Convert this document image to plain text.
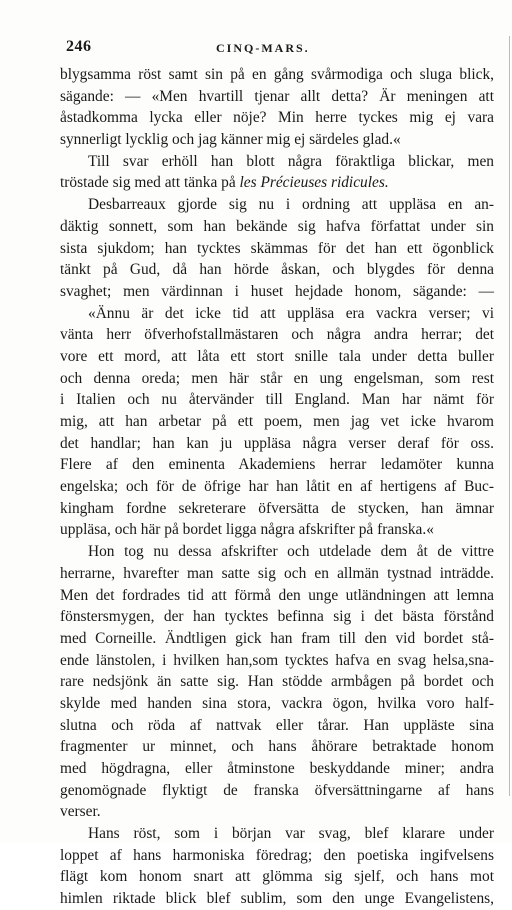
246	CINQ-MARS.
blygsamma röst samt sin på en gång svårmodiga och sluga blick,
sägande: — «Men hvartill tjenar allt detta? Är meningen att
åstadkomma lycka eller nöje? Min herre tyckes mig ej vara
synnerligt lycklig och jag känner mig ej särdeles glad.«
Till svar erhöll han blott några föraktliga blickar, men
tröstade sig med att tänka på les Précieuses ridicules.
Desbarreaux gjorde sig nu i ordning att uppläsa en an-
däktig sonnett, som han bekände sig hafva författat under sin
sista sjukdom; han tycktes skämmas för det han ett ögonblick
tänkt på Gud, då han hörde åskan, och blygdes för denna
svaghet; men värdinnan i huset hejdade honom, sägande: —
«Ännu är det icke tid att uppläsa era vackra verser; vi
vänta herr öfverhofstallmästaren och några andra herrar; det
vore ett mord, att låta ett stort snille tala under detta buller
och denna oreda; men här står en ung engelsman, som rest
i Italien och nu återvänder till England. Man har nämt för
mig, att han arbetar på ett poem, men jag vet icke hvarom
det handlar; han kan ju uppläsa några verser deraf för oss.
Flere af den eminenta Akademiens herrar ledamöter kunna
engelska; och för de öfrige har han låtit en af hertigens af Buc-
kingham fordne sekreterare öfversätta de stycken, han ämnar
uppläsa, och här på bordet ligga några afskrifter på franska.«
Hon tog nu dessa afskrifter och utdelade dem åt de vittre
herrarne, hvarefter man satte sig och en allmän tystnad inträdde.
Men det fordrades tid att förmå den unge utländningen att lemna
fönstersmygen, der han tycktes befinna sig i det bästa förstånd
med Corneille. Ändtligen gick han fram till den vid bordet stå-
ende länstolen, i hvilken han,som tycktes hafva en svag helsa,sna-
rare nedsjönk än satte sig. Han stödde armbågen på bordet och
skylde med handen sina stora, vackra ögon, hvilka voro half-
slutna och röda af nattvak eller tårar. Han uppläste sina
fragmenter ur minnet, och hans åhörare betraktade honom
med högdragna, eller åtminstone beskyddande miner; andra
genomögnade flyktigt de franska öfversättningarne af hans
verser.
Hans röst, som i början var svag, blef klarare under
loppet af hans harmoniska föredrag; den poetiska ingifvelsens
flägt kom honom snart att glömma sig sjelf, och hans mot
himlen riktade blick blef sublim, som den unge Evangelistens,
